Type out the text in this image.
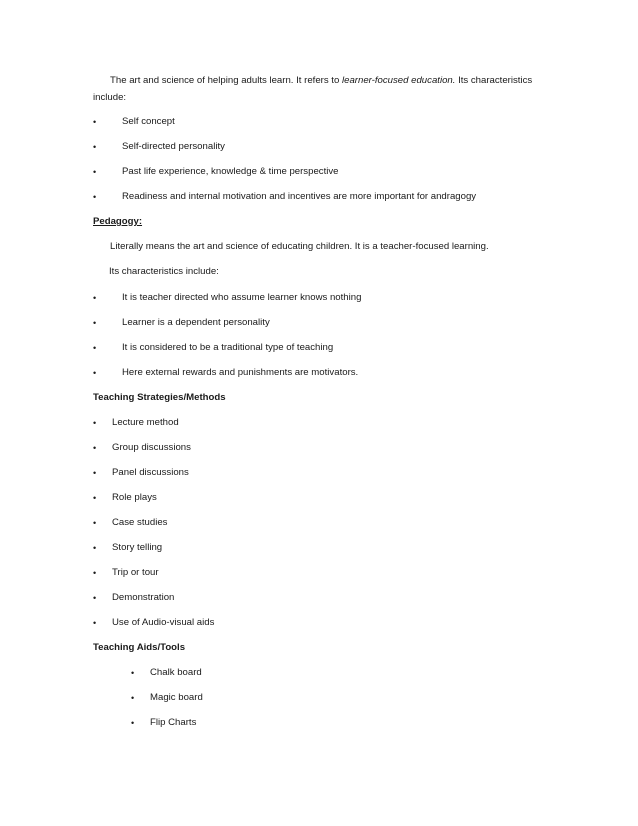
The art and science of helping adults learn. It refers to learner-focused education. Its characteristics
include:
•	Self concept
•	Self-directed personality
•	Past life experience, knowledge & time perspective
•	Readiness and internal motivation and incentives are more important for andragogy
Pedagogy:
Literally means the art and science of educating children. It is a teacher-focused learning.
Its characteristics include:
•	It is teacher directed who assume learner knows nothing
•	Learner is a dependent personality
•	It is considered to be a traditional type of teaching
•	Here external rewards and punishments are motivators.
Teaching Strategies/Methods
• Lecture method
• Group discussions
• Panel discussions
• Role plays
• Case studies
• Story telling
• Trip or tour
• Demonstration
• Use of Audio-visual aids
Teaching Aids/Tools
• Chalk board
• Magic board
• Flip Charts
